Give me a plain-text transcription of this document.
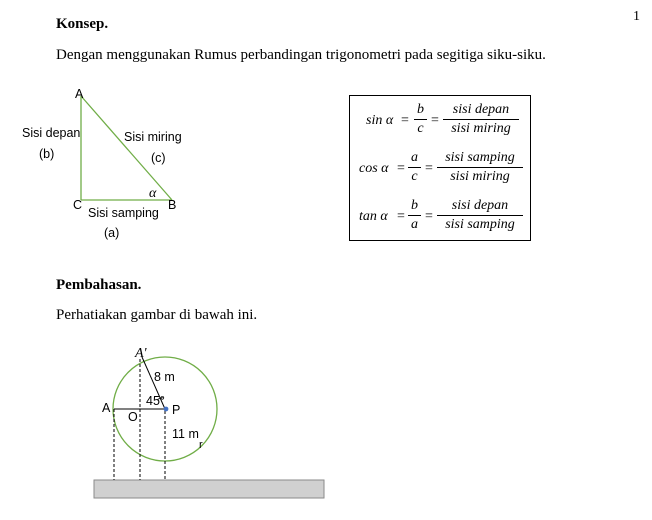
1
Konsep.
Dengan menggunakan Rumus perbandingan trigonometri pada segitiga siku-siku.
A
C	B
α
Sisi depan
(b)
Sisi miring
(c)
Sisi samping
(a)
sin α =
b
c
=
sisi depan
sisi miring
cos α =
a
c
=
sisi samping
sisi miring
tan α =
b
a
=
sisi depan
sisi samping
Pembahasan.
Perhatiakan gambar di bawah ini.
A'
A
O	P
8 m
45°
11 m
r
